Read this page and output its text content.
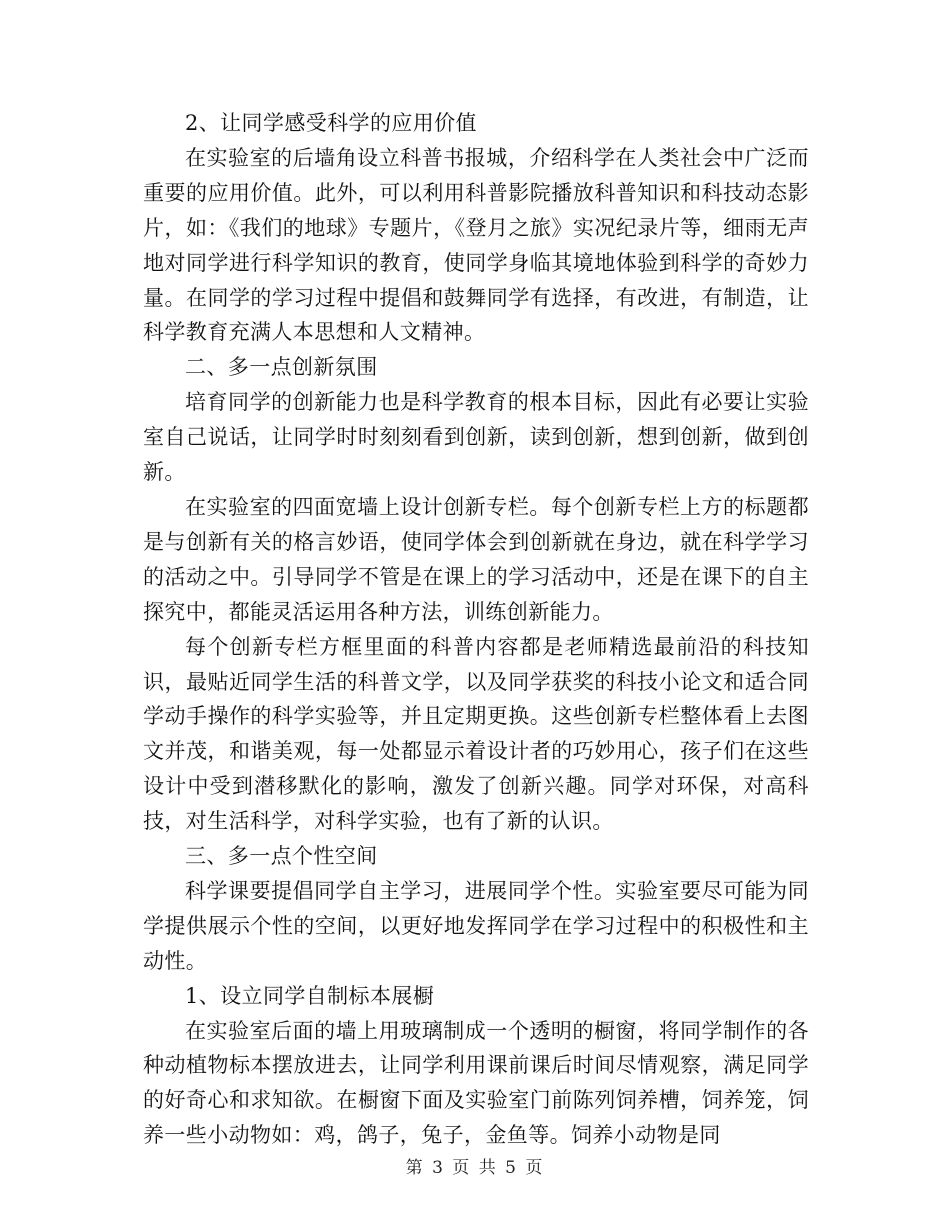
2、让同学感受科学的应用价值

在实验室的后墙角设立科普书报城，介绍科学在人类社会中广泛而重要的应用价值。此外，可以利用科普影院播放科普知识和科技动态影片，如：《我们的地球》专题片，《登月之旅》实况纪录片等，细雨无声地对同学进行科学知识的教育，使同学身临其境地体验到科学的奇妙力量。在同学的学习过程中提倡和鼓舞同学有选择，有改进，有制造，让科学教育充满人本思想和人文精神。

二、多一点创新氛围

培育同学的创新能力也是科学教育的根本目标，因此有必要让实验室自己说话，让同学时时刻刻看到创新，读到创新，想到创新，做到创新。

在实验室的四面宽墙上设计创新专栏。每个创新专栏上方的标题都是与创新有关的格言妙语，使同学体会到创新就在身边，就在科学学习的活动之中。引导同学不管是在课上的学习活动中，还是在课下的自主探究中，都能灵活运用各种方法，训练创新能力。

每个创新专栏方框里面的科普内容都是老师精选最前沿的科技知识，最贴近同学生活的科普文学，以及同学获奖的科技小论文和适合同学动手操作的科学实验等，并且定期更换。这些创新专栏整体看上去图文并茂，和谐美观，每一处都显示着设计者的巧妙用心，孩子们在这些设计中受到潜移默化的影响，激发了创新兴趣。同学对环保，对高科技，对生活科学，对科学实验，也有了新的认识。

三、多一点个性空间

科学课要提倡同学自主学习，进展同学个性。实验室要尽可能为同学提供展示个性的空间，以更好地发挥同学在学习过程中的积极性和主动性。

1、设立同学自制标本展橱

在实验室后面的墙上用玻璃制成一个透明的橱窗，将同学制作的各种动植物标本摆放进去，让同学利用课前课后时间尽情观察，满足同学的好奇心和求知欲。在橱窗下面及实验室门前陈列饲养槽，饲养笼，饲养一些小动物如：鸡，鸽子，兔子，金鱼等。饲养小动物是同

第 3 页 共 5 页
